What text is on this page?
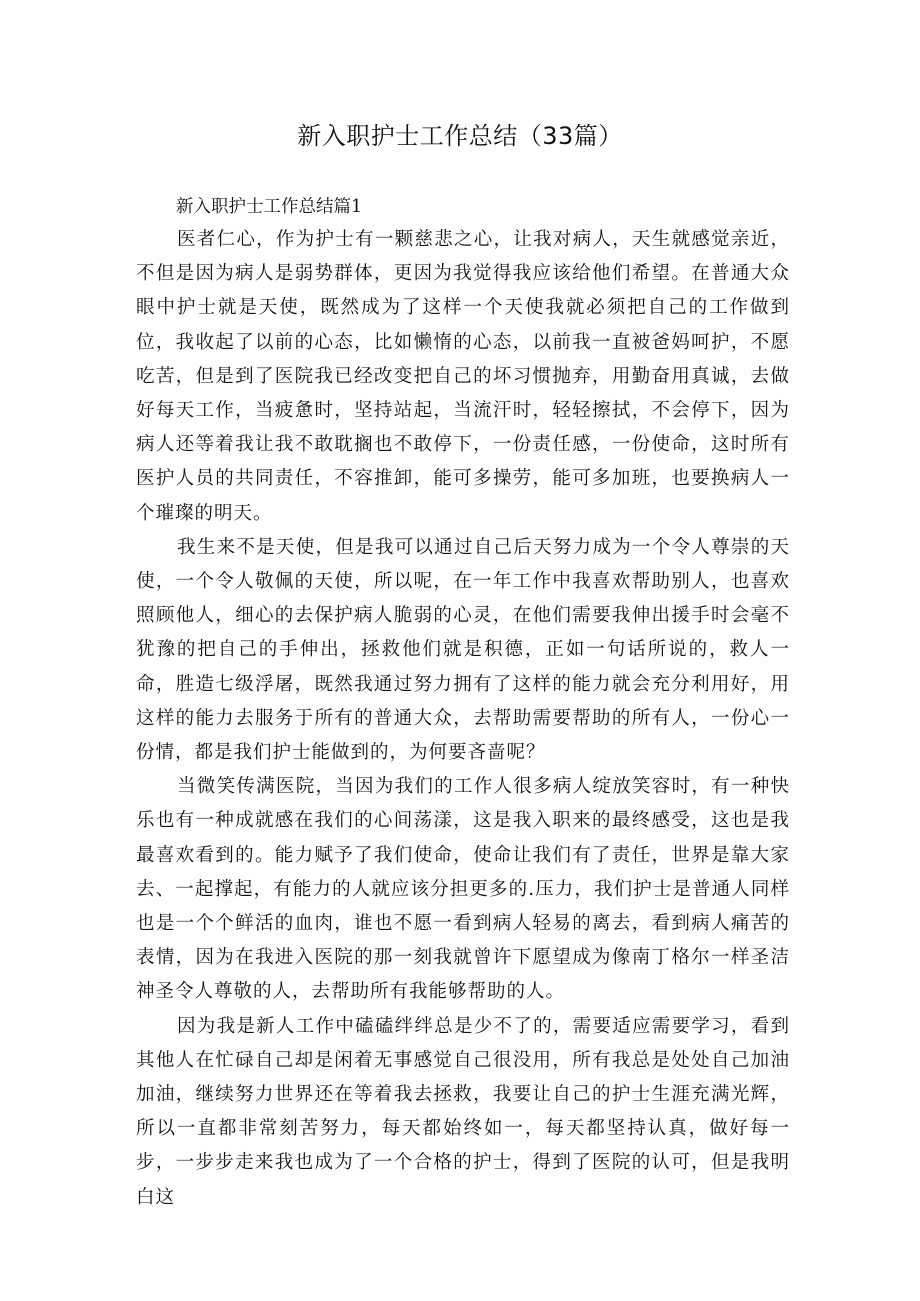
新入职护士工作总结（33篇）
新入职护士工作总结篇1

医者仁心，作为护士有一颗慈悲之心，让我对病人，天生就感觉亲近，不但是因为病人是弱势群体，更因为我觉得我应该给他们希望。在普通大众眼中护士就是天使，既然成为了这样一个天使我就必须把自己的工作做到位，我收起了以前的心态，比如懒惰的心态，以前我一直被爸妈呵护，不愿吃苦，但是到了医院我已经改变把自己的坏习惯抛弃，用勤奋用真诚，去做好每天工作，当疲惫时，坚持站起，当流汗时，轻轻擦拭，不会停下，因为病人还等着我让我不敢耽搁也不敢停下，一份责任感，一份使命，这时所有医护人员的共同责任，不容推卸，能可多操劳，能可多加班，也要换病人一个璀璨的明天。

我生来不是天使，但是我可以通过自己后天努力成为一个令人尊崇的天使，一个令人敬佩的天使，所以呢，在一年工作中我喜欢帮助别人，也喜欢照顾他人，细心的去保护病人脆弱的心灵，在他们需要我伸出援手时会毫不犹豫的把自己的手伸出，拯救他们就是积德，正如一句话所说的，救人一命，胜造七级浮屠，既然我通过努力拥有了这样的能力就会充分利用好，用这样的能力去服务于所有的普通大众，去帮助需要帮助的所有人，一份心一份情，都是我们护士能做到的，为何要吝啬呢？

当微笑传满医院，当因为我们的工作人很多病人绽放笑容时，有一种快乐也有一种成就感在我们的心间荡漾，这是我入职来的最终感受，这也是我最喜欢看到的。能力赋予了我们使命，使命让我们有了责任，世界是靠大家去、一起撑起，有能力的人就应该分担更多的.压力，我们护士是普通人同样也是一个个鲜活的血肉，谁也不愿一看到病人轻易的离去，看到病人痛苦的表情，因为在我进入医院的那一刻我就曾许下愿望成为像南丁格尔一样圣洁神圣令人尊敬的人，去帮助所有我能够帮助的人。

因为我是新人工作中磕磕绊绊总是少不了的，需要适应需要学习，看到其他人在忙碌自己却是闲着无事感觉自己很没用，所有我总是处处自己加油加油，继续努力世界还在等着我去拯救，我要让自己的护士生涯充满光辉，所以一直都非常刻苦努力，每天都始终如一，每天都坚持认真，做好每一步，一步步走来我也成为了一个合格的护士，得到了医院的认可，但是我明白这
